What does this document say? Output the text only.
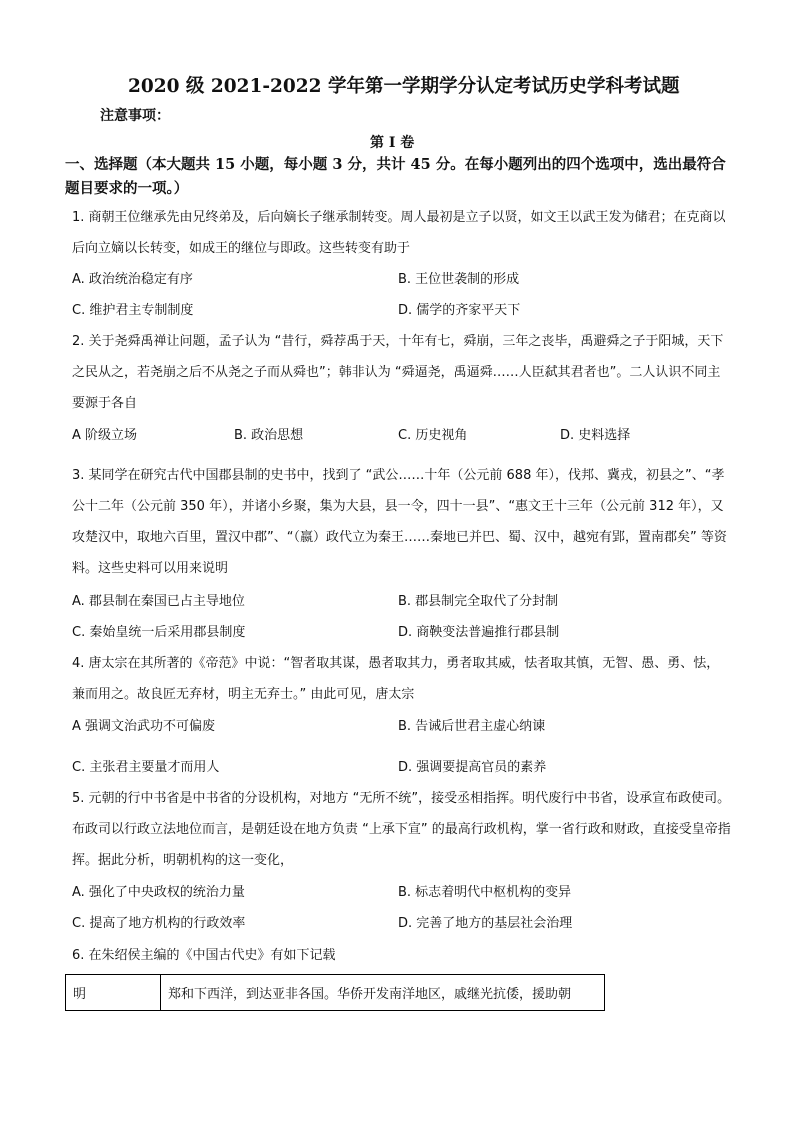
2020 级 2021-2022 学年第一学期学分认定考试历史学科考试题
注意事项：
第 I 卷
一、选择题（本大题共 15 小题，每小题 3 分，共计 45 分。在每小题列出的四个选项中，选出最符合题目要求的一项。）
1. 商朝王位继承先由兄终弟及，后向嫡长子继承制转变。周人最初是立子以贤，如文王以武王发为储君；在克商以后向立嫡以长转变，如成王的继位与即政。这些转变有助于
A. 政治统治稳定有序	B. 王位世袭制的形成
C. 维护君主专制制度	D. 儒学的齐家平天下
2. 关于尧舜禹禅让问题，孟子认为 “昔行，舜荐禹于天，十年有七，舜崩，三年之丧毕，禹避舜之子于阳城，天下之民从之，若尧崩之后不从尧之子而从舜也”；韩非认为 “舜逼尧，禹逼舜……人臣弑其君者也”。二人认识不同主要源于各自
A 阶级立场	B. 政治思想	C. 历史视角	D. 史料选择
3. 某同学在研究古代中国郡县制的史书中，找到了 “武公……十年（公元前 688 年），伐邦、冀戎，初县之”、“孝公十二年（公元前 350 年），并诸小乡聚，集为大县，县一令，四十一县”、“惠文王十三年（公元前 312 年），又攻楚汉中，取地六百里，置汉中郡”、“（嬴）政代立为秦王……秦地已并巴、蜀、汉中，越宛有郢，置南郡矣” 等资料。这些史料可以用来说明
A. 郡县制在秦国已占主导地位	B. 郡县制完全取代了分封制
C. 秦始皇统一后采用郡县制度	D. 商鞅变法普遍推行郡县制
4. 唐太宗在其所著的《帝范》中说：“智者取其谋，愚者取其力，勇者取其威，怯者取其慎，无智、愚、勇、怯，兼而用之。故良匠无弃材，明主无弃士。” 由此可见，唐太宗
A 强调文治武功不可偏废	B. 告诫后世君主虚心纳谏
C. 主张君主要量才而用人	D. 强调要提高官员的素养
5. 元朝的行中书省是中书省的分设机构，对地方 “无所不统”，接受丞相指挥。明代废行中书省，设承宣布政使司。布政司以行政立法地位而言，是朝廷设在地方负责 “上承下宣” 的最高行政机构，掌一省行政和财政，直接受皇帝指挥。据此分析，明朝机构的这一变化，
A. 强化了中央政权的统治力量	B. 标志着明代中枢机构的变异
C. 提高了地方机构的行政效率	D. 完善了地方的基层社会治理
6. 在朱绍侯主编的《中国古代史》有如下记载
明	郑和下西洋，到达亚非各国。华侨开发南洋地区，戚继光抗倭，援助朝
